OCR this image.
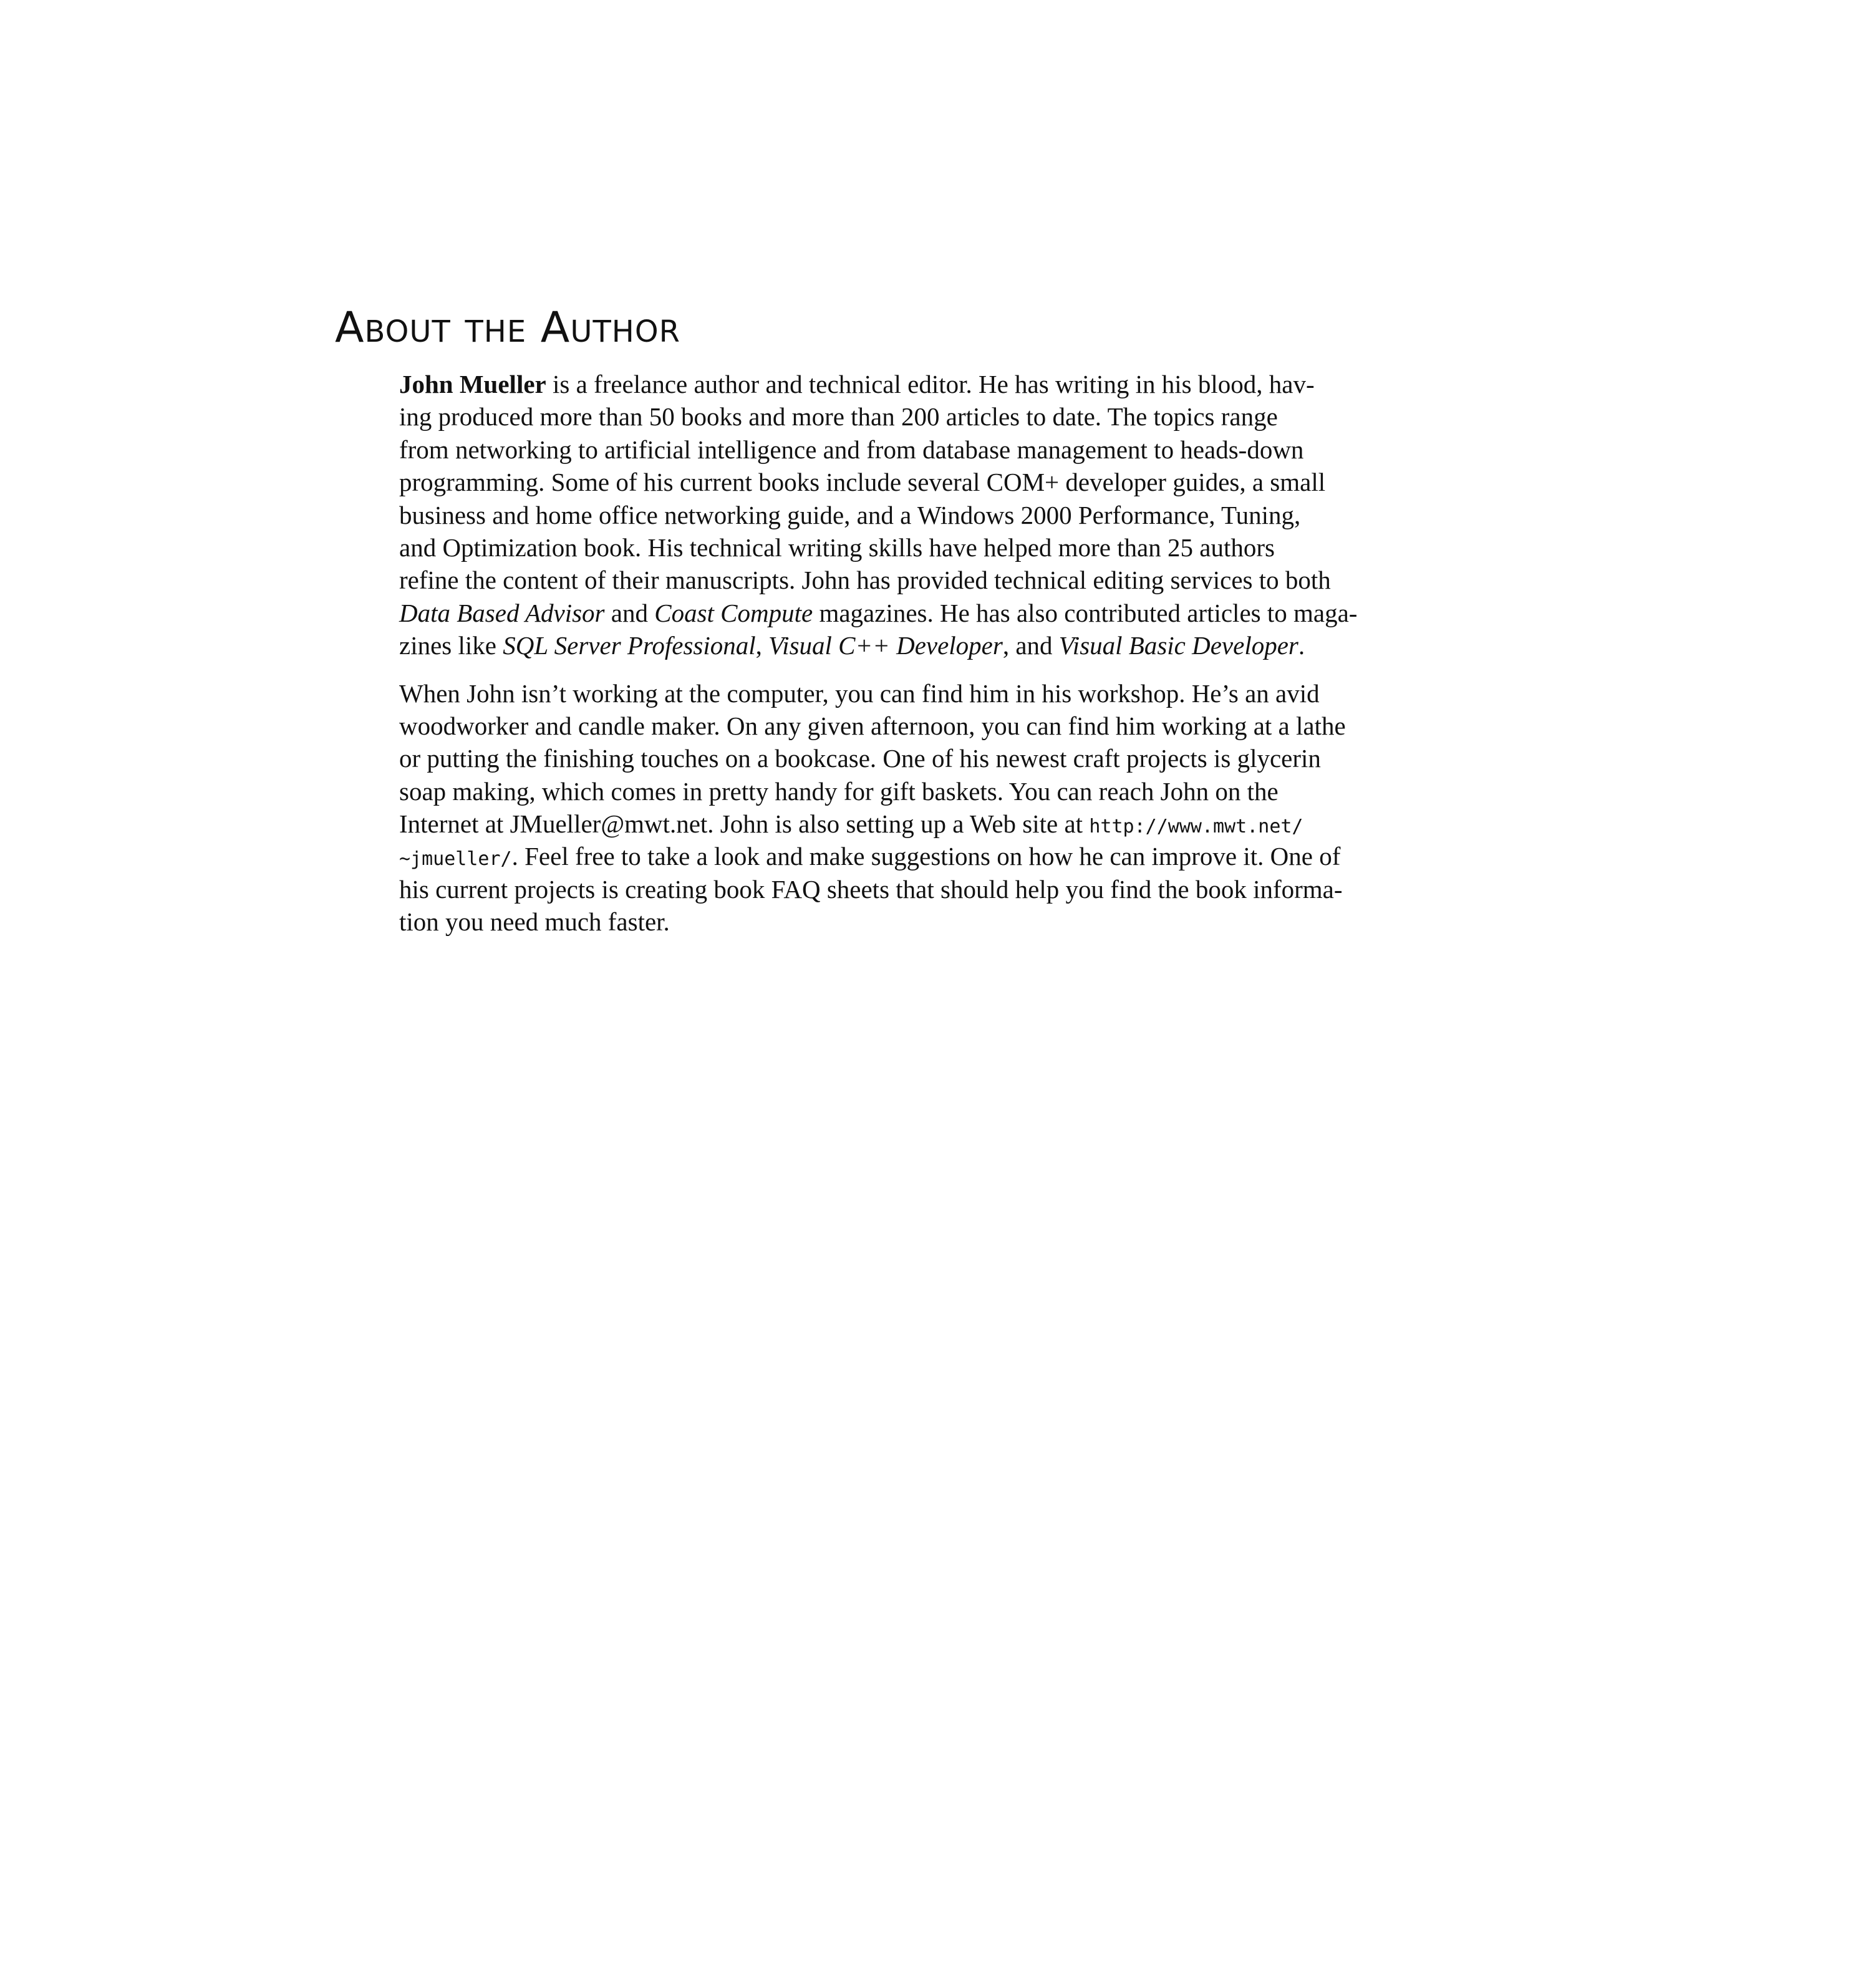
About the Author
John Mueller is a freelance author and technical editor. He has writing in his blood, hav-
ing produced more than 50 books and more than 200 articles to date. The topics range
from networking to artificial intelligence and from database management to heads-down
programming. Some of his current books include several COM+ developer guides, a small
business and home office networking guide, and a Windows 2000 Performance, Tuning,
and Optimization book. His technical writing skills have helped more than 25 authors
refine the content of their manuscripts. John has provided technical editing services to both
Data Based Advisor and Coast Compute magazines. He has also contributed articles to maga-
zines like SQL Server Professional, Visual C++ Developer, and Visual Basic Developer.
When John isn’t working at the computer, you can find him in his workshop. He’s an avid
woodworker and candle maker. On any given afternoon, you can find him working at a lathe
or putting the finishing touches on a bookcase. One of his newest craft projects is glycerin
soap making, which comes in pretty handy for gift baskets. You can reach John on the
Internet at JMueller@mwt.net. John is also setting up a Web site at http://www.mwt.net/
~jmueller/. Feel free to take a look and make suggestions on how he can improve it. One of
his current projects is creating book FAQ sheets that should help you find the book informa-
tion you need much faster.
